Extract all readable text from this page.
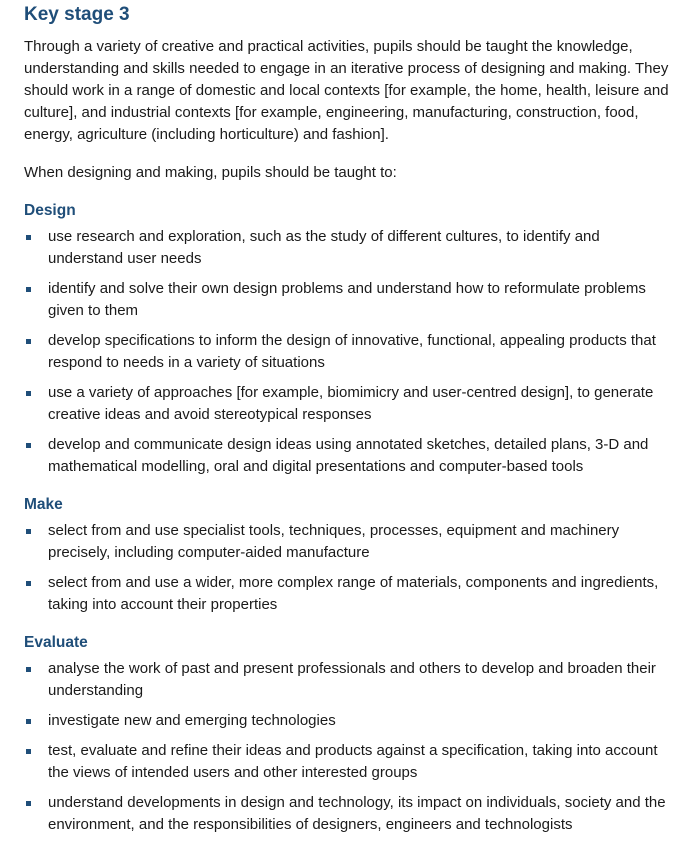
Key stage 3

Through a variety of creative and practical activities, pupils should be taught the knowledge, understanding and skills needed to engage in an iterative process of designing and making. They should work in a range of domestic and local contexts [for example, the home, health, leisure and culture], and industrial contexts [for example, engineering, manufacturing, construction, food, energy, agriculture (including horticulture) and fashion].

When designing and making, pupils should be taught to:

Design
use research and exploration, such as the study of different cultures, to identify and understand user needs
identify and solve their own design problems and understand how to reformulate problems given to them
develop specifications to inform the design of innovative, functional, appealing products that respond to needs in a variety of situations
use a variety of approaches [for example, biomimicry and user-centred design], to generate creative ideas and avoid stereotypical responses
develop and communicate design ideas using annotated sketches, detailed plans, 3-D and mathematical modelling, oral and digital presentations and computer-based tools
Make
select from and use specialist tools, techniques, processes, equipment and machinery precisely, including computer-aided manufacture
select from and use a wider, more complex range of materials, components and ingredients, taking into account their properties
Evaluate
analyse the work of past and present professionals and others to develop and broaden their understanding
investigate new and emerging technologies
test, evaluate and refine their ideas and products against a specification, taking into account the views of intended users and other interested groups
understand developments in design and technology, its impact on individuals, society and the environment, and the responsibilities of designers, engineers and technologists
